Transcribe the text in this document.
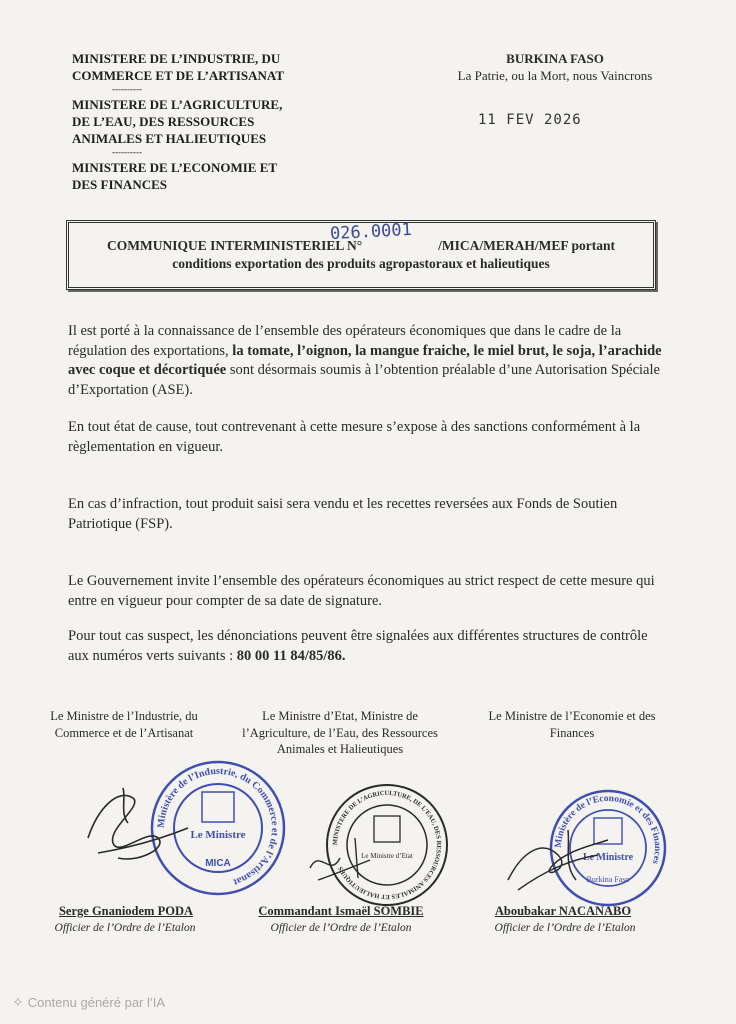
MINISTERE DE L’INDUSTRIE, DU COMMERCE ET DE L’ARTISANAT
----------
MINISTERE DE L’AGRICULTURE, DE L’EAU, DES RESSOURCES ANIMALES ET HALIEUTIQUES
----------
MINISTERE DE L’ECONOMIE ET DES FINANCES
BURKINA FASO
La Patrie, ou la Mort, nous Vaincrons
11 FEV 2026
COMMUNIQUE INTERMINISTERIEL N°	/MICA/MERAH/MEF portant
conditions exportation des produits agropastoraux et halieutiques
026.0001

Il est porté à la connaissance de l’ensemble des opérateurs économiques que dans le cadre de la régulation des exportations, la tomate, l’oignon, la mangue fraiche, le miel brut, le soja, l’arachide avec coque et décortiquée sont désormais soumis à l’obtention préalable d’une Autorisation Spéciale d’Exportation (ASE).

En tout état de cause, tout contrevenant à cette mesure s’expose à des sanctions conformément à la règlementation en vigueur.

En cas d’infraction, tout produit saisi sera vendu et les recettes reversées aux Fonds de Soutien Patriotique (FSP).

Le Gouvernement invite l’ensemble des opérateurs économiques au strict respect de cette mesure qui entre en vigueur pour compter de sa date de signature.

Pour tout cas suspect, les dénonciations peuvent être signalées aux différentes structures de contrôle aux numéros verts suivants : 80 00 11 84/85/86.

Le Ministre de l’Industrie, du Commerce et de l’Artisanat
Le Ministre d’Etat, Ministre de l’Agriculture, de l’Eau, des Ressources Animales et Halieutiques
Le Ministre de l’Economie et des Finances
Ministère de l’Industrie, du Commerce et de l’Artisanat
Le Ministre
MICA
MINISTERE DE L’AGRICULTURE, DE L’EAU, DES RESSOURCES ANIMALES ET HALIEUTIQUES
Le Ministre d’Etat
Ministère de l’Economie et des Finances
Le Ministre
Burkina Faso
Serge Gnaniodem PODA	Commandant Ismaël SOMBIE	Aboubakar NACANABO
Officier de l’Ordre de l’Etalon	Officier de l’Ordre de l’Etalon	Officier de l’Ordre de l’Etalon
✧ Contenu généré par l’IA
